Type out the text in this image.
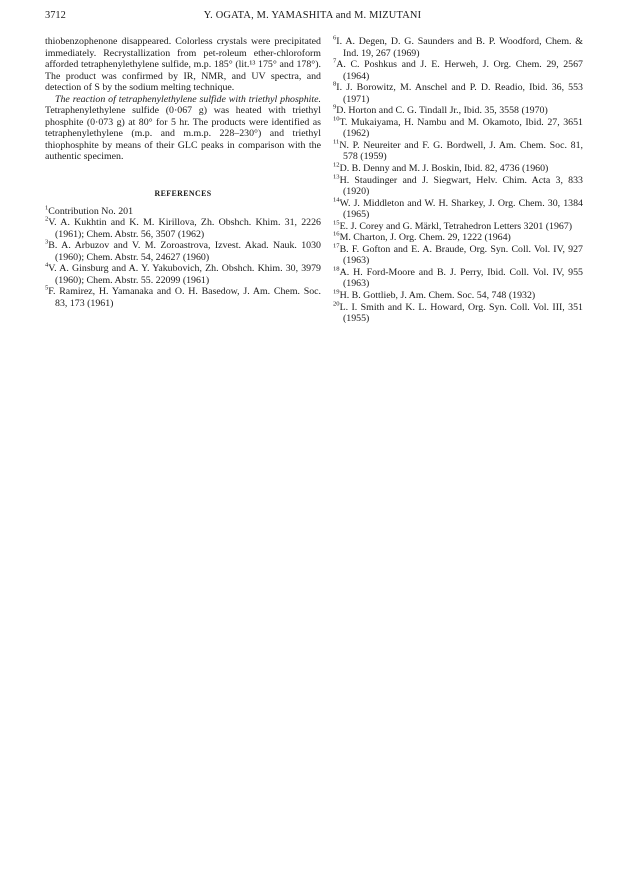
3712	Y. OGATA, M. YAMASHITA and M. MIZUTANI

thiobenzophenone disappeared. Colorless crystals were precipitated immediately. Recrystallization from pet-roleum ether-chloroform afforded tetraphenylethylene sulfide, m.p. 185° (lit.¹³ 175° and 178°). The product was confirmed by IR, NMR, and UV spectra, and detection of S by the sodium melting technique.

The reaction of tetraphenylethylene sulfide with triethyl phosphite. Tetraphenylethylene sulfide (0·067 g) was heated with triethyl phosphite (0·073 g) at 80° for 5 hr. The products were identified as tetraphenylethylene (m.p. and m.m.p. 228–230°) and triethyl thiophosphite by means of their GLC peaks in comparison with the authentic specimen.

REFERENCES

$^1$Contribution No. 201

$^2$V. A. Kukhtin and K. M. Kirillova, Zh. Obshch. Khim. 31, 2226 (1961); Chem. Abstr. 56, 3507 (1962)

$^3$B. A. Arbuzov and V. M. Zoroastrova, Izvest. Akad. Nauk. 1030 (1960); Chem. Abstr. 54, 24627 (1960)

$^4$V. A. Ginsburg and A. Y. Yakubovich, Zh. Obshch. Khim. 30, 3979 (1960); Chem. Abstr. 55. 22099 (1961)

$^5$F. Ramirez, H. Yamanaka and O. H. Basedow, J. Am. Chem. Soc. 83, 173 (1961)

$^6$I. A. Degen, D. G. Saunders and B. P. Woodford, Chem. & Ind. 19, 267 (1969)

$^7$A. C. Poshkus and J. E. Herweh, J. Org. Chem. 29, 2567 (1964)

$^8$I. J. Borowitz, M. Anschel and P. D. Readio, Ibid. 36, 553 (1971)

$^9$D. Horton and C. G. Tindall Jr., Ibid. 35, 3558 (1970)

$^{10}$T. Mukaiyama, H. Nambu and M. Okamoto, Ibid. 27, 3651 (1962)

$^{11}$N. P. Neureiter and F. G. Bordwell, J. Am. Chem. Soc. 81, 578 (1959)

$^{12}$D. B. Denny and M. J. Boskin, Ibid. 82, 4736 (1960)

$^{13}$H. Staudinger and J. Siegwart, Helv. Chim. Acta 3, 833 (1920)

$^{14}$W. J. Middleton and W. H. Sharkey, J. Org. Chem. 30, 1384 (1965)

$^{15}$E. J. Corey and G. Märkl, Tetrahedron Letters 3201 (1967)

$^{16}$M. Charton, J. Org. Chem. 29, 1222 (1964)

$^{17}$B. F. Gofton and E. A. Braude, Org. Syn. Coll. Vol. IV, 927 (1963)

$^{18}$A. H. Ford-Moore and B. J. Perry, Ibid. Coll. Vol. IV, 955 (1963)

$^{19}$H. B. Gottlieb, J. Am. Chem. Soc. 54, 748 (1932)

$^{20}$L. I. Smith and K. L. Howard, Org. Syn. Coll. Vol. III, 351 (1955)
